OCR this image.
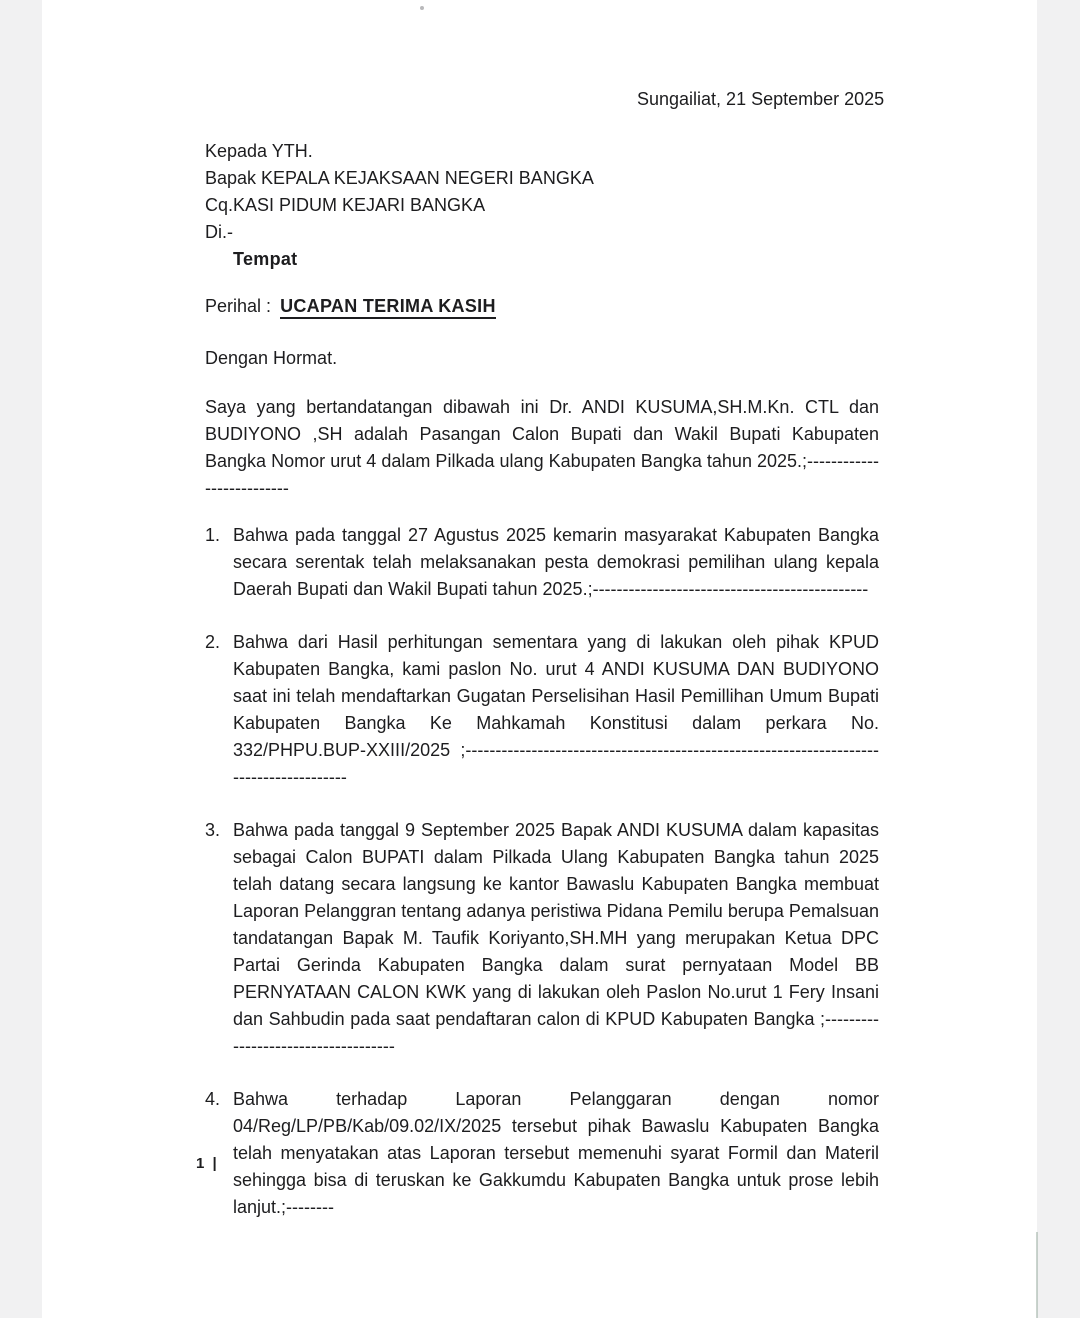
Sungailiat, 21 September 2025
Kepada YTH.
Bapak KEPALA KEJAKSAAN NEGERI BANGKA
Cq.KASI PIDUM KEJARI BANGKA
Di.-
Tempat
Perihal : UCAPAN TERIMA KASIH
Dengan Hormat.

Saya yang bertandatangan dibawah ini Dr. ANDI KUSUMA,SH.M.Kn. CTL dan BUDIYONO ,SH adalah Pasangan Calon Bupati dan Wakil Bupati Kabupaten Bangka Nomor urut 4 dalam Pilkada ulang Kabupaten Bangka tahun 2025.;--------------------------

1. Bahwa pada tanggal 27 Agustus 2025 kemarin masyarakat Kabupaten Bangka secara serentak telah melaksanakan pesta demokrasi pemilihan ulang kepala Daerah Bupati dan Wakil Bupati tahun 2025.;----------------------------------------------
2. Bahwa dari Hasil perhitungan sementara yang di lakukan oleh pihak KPUD Kabupaten Bangka, kami paslon No. urut 4 ANDI KUSUMA DAN BUDIYONO saat ini telah mendaftarkan Gugatan Perselisihan Hasil Pemillihan Umum Bupati Kabupaten Bangka Ke Mahkamah Konstitusi dalam perkara No. 332/PHPU.BUP-XXIII/2025 ;----------------------------------------------------------------------------------------
3. Bahwa pada tanggal 9 September 2025 Bapak ANDI KUSUMA dalam kapasitas sebagai Calon BUPATI dalam Pilkada Ulang Kabupaten Bangka tahun 2025 telah datang secara langsung ke kantor Bawaslu Kabupaten Bangka membuat Laporan Pelanggran tentang adanya peristiwa Pidana Pemilu berupa Pemalsuan tandatangan Bapak M. Taufik Koriyanto,SH.MH yang merupakan Ketua DPC Partai Gerinda Kabupaten Bangka dalam surat pernyataan Model BB PERNYATAAN CALON KWK yang di lakukan oleh Paslon No.urut 1 Fery Insani dan Sahbudin pada saat pendaftaran calon di KPUD Kabupaten Bangka ;------------------------------------
4. Bahwa terhadap Laporan Pelanggaran dengan nomor 04/Reg/LP/PB/Kab/09.02/IX/2025 tersebut pihak Bawaslu Kabupaten Bangka telah menyatakan atas Laporan tersebut memenuhi syarat Formil dan Materil sehingga bisa di teruskan ke Gakkumdu Kabupaten Bangka untuk prose lebih lanjut.;--------
1 |
